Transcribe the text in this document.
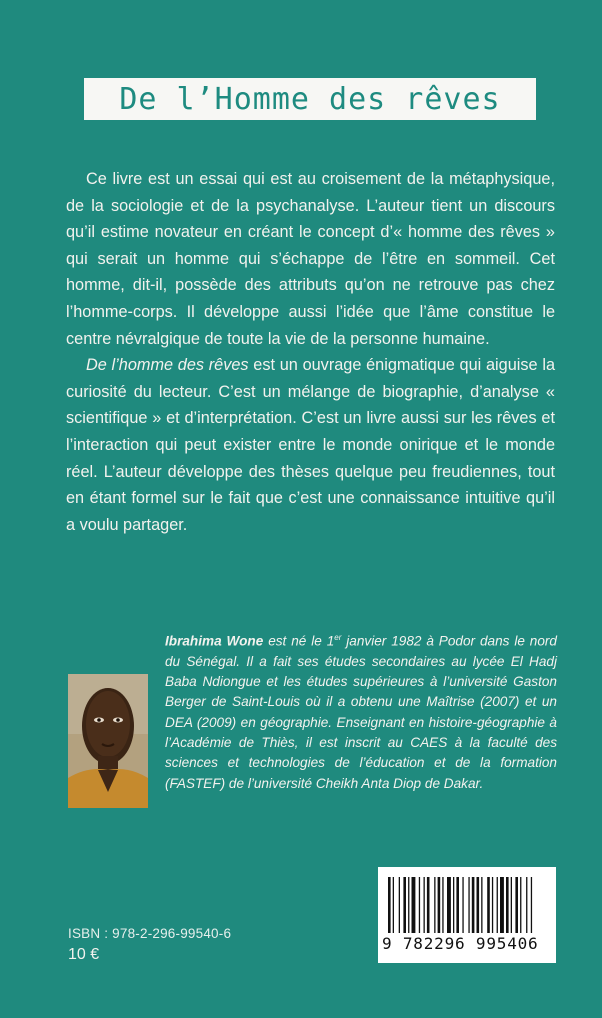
De l’Homme des rêves

Ce livre est un essai qui est au croisement de la métaphysique, de la sociologie et de la psychanalyse. L’auteur tient un discours qu’il estime novateur en créant le concept d’« homme des rêves » qui serait un homme qui s’échappe de l’être en sommeil. Cet homme, dit-il, possède des attributs qu’on ne retrouve pas chez l’homme-corps. Il développe aussi l’idée que l’âme constitue le centre névralgique de toute la vie de la personne humaine.

De l’homme des rêves est un ouvrage énigmatique qui aiguise la curiosité du lecteur. C’est un mélange de biographie, d’analyse « scientifique » et d’interprétation. C’est un livre aussi sur les rêves et l’interaction qui peut exister entre le monde onirique et le monde réel. L’auteur développe des thèses quelque peu freudiennes, tout en étant formel sur le fait que c’est une connaissance intuitive qu’il a voulu partager.

Ibrahima Wone est né le 1er janvier 1982 à Podor dans le nord du Sénégal. Il a fait ses études secondaires au lycée El Hadj Baba Ndiongue et les études supérieures à l’université Gaston Berger de Saint-Louis où il a obtenu une Maîtrise (2007) et un DEA (2009) en géographie. Enseignant en histoire-géographie à l’Académie de Thiès, il est inscrit au CAES à la faculté des sciences et technologies de l’éducation et de la formation (FASTEF) de l’université Cheikh Anta Diop de Dakar.
9 782296 995406
ISBN : 978-2-296-99540-6
10 €
